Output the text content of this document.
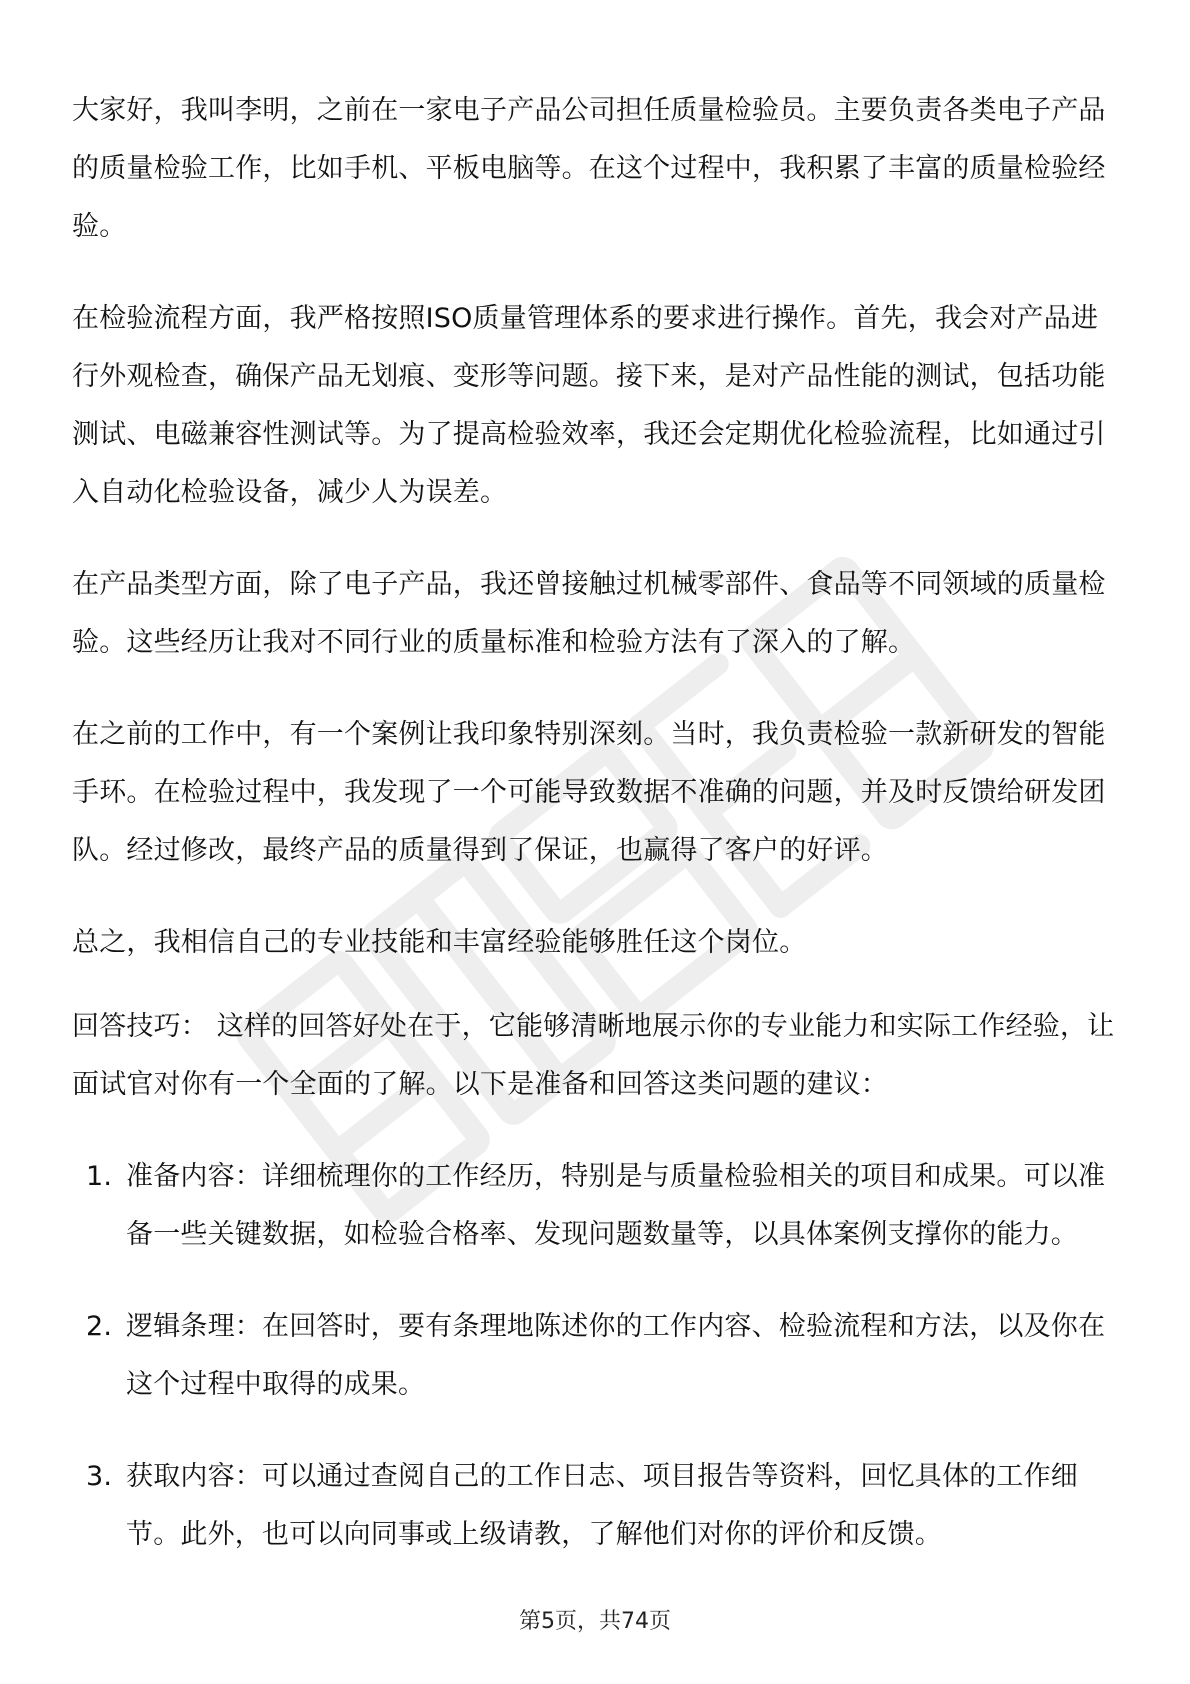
大家好，我叫李明，之前在一家电子产品公司担任质量检验员。主要负责各类电子产品的质量检验工作，比如手机、平板电脑等。在这个过程中，我积累了丰富的质量检验经验。

在检验流程方面，我严格按照ISO质量管理体系的要求进行操作。首先，我会对产品进行外观检查，确保产品无划痕、变形等问题。接下来，是对产品性能的测试，包括功能测试、电磁兼容性测试等。为了提高检验效率，我还会定期优化检验流程，比如通过引入自动化检验设备，减少人为误差。

在产品类型方面，除了电子产品，我还曾接触过机械零部件、食品等不同领域的质量检验。这些经历让我对不同行业的质量标准和检验方法有了深入的了解。

在之前的工作中，有一个案例让我印象特别深刻。当时，我负责检验一款新研发的智能手环。在检验过程中，我发现了一个可能导致数据不准确的问题，并及时反馈给研发团队。经过修改，最终产品的质量得到了保证，也赢得了客户的好评。

总之，我相信自己的专业技能和丰富经验能够胜任这个岗位。

回答技巧： 这样的回答好处在于，它能够清晰地展示你的专业能力和实际工作经验，让面试官对你有一个全面的了解。以下是准备和回答这类问题的建议：

1. 准备内容：详细梳理你的工作经历，特别是与质量检验相关的项目和成果。可以准备一些关键数据，如检验合格率、发现问题数量等，以具体案例支撑你的能力。
2. 逻辑条理：在回答时，要有条理地陈述你的工作内容、检验流程和方法，以及你在这个过程中取得的成果。
3. 获取内容：可以通过查阅自己的工作日志、项目报告等资料，回忆具体的工作细节。此外，也可以向同事或上级请教，了解他们对你的评价和反馈。
第5页，共74页
